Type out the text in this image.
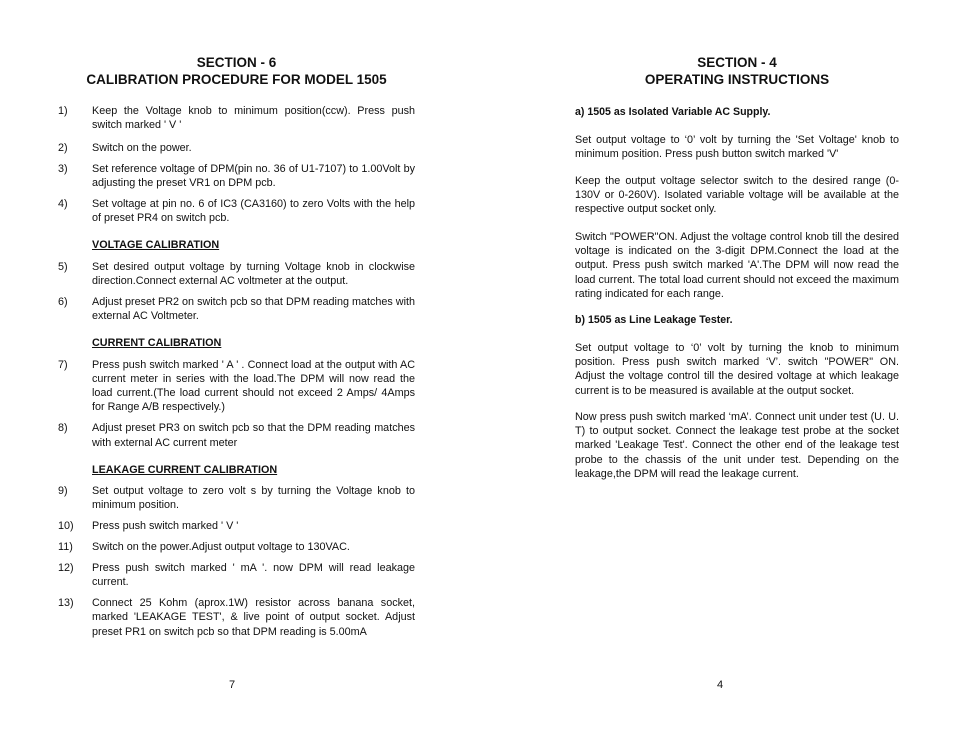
SECTION - 6
CALIBRATION PROCEDURE FOR MODEL 1505
1) Keep the Voltage knob to minimum position(ccw). Press push switch marked ' V '
2) Switch on the power.
3) Set reference voltage of DPM(pin no. 36 of U1-7107) to 1.00Volt by adjusting the preset VR1 on DPM pcb.
4) Set voltage at pin no. 6 of IC3 (CA3160) to zero Volts with the help of preset PR4 on switch pcb.
VOLTAGE CALIBRATION
5) Set desired output voltage by turning Voltage knob in clockwise direction.Connect external AC voltmeter at the output.
6) Adjust preset PR2 on switch pcb so that DPM reading matches with external AC Voltmeter.
CURRENT CALIBRATION
7) Press push switch marked ' A ' . Connect load at the output with AC current meter in series with the load.The DPM will now read the load current.(The load current should not exceed 2 Amps/ 4Amps for Range A/B respectively.)
8) Adjust preset PR3 on switch pcb so that the DPM reading matches with external AC current meter
LEAKAGE CURRENT CALIBRATION
9) Set output voltage to zero volt s by turning the Voltage knob to minimum position.
10) Press push switch marked ' V '
11) Switch on the power.Adjust output voltage to 130VAC.
12) Press push switch marked ' mA '. now DPM will read leakage current.
13) Connect 25 Kohm (aprox.1W) resistor across banana socket, marked 'LEAKAGE TEST', & live point of output socket. Adjust preset PR1 on switch pcb so that DPM reading is 5.00mA
7
SECTION - 4
OPERATING INSTRUCTIONS
a) 1505 as Isolated Variable AC Supply.
Set output voltage to ‘0’ volt by turning the 'Set Voltage' knob to minimum position. Press push button switch marked 'V'
Keep the output voltage selector switch to the desired range (0-130V or 0-260V). Isolated variable voltage will be available at the respective output socket only.
Switch "POWER"ON. Adjust the voltage control knob till the desired voltage is indicated on the 3-digit DPM.Connect the load at the output. Press push switch marked 'A'.The DPM will now read the load current. The total load current should not exceed the maximum rating indicated for each range.
b) 1505 as Line Leakage Tester.
Set output voltage to ‘0’ volt by turning the knob to minimum position. Press push switch marked ‘V’. switch "POWER" ON. Adjust the voltage control till the desired voltage at which leakage current is to be measured is available at the output socket.
Now press push switch marked ‘mA’. Connect unit under test (U. U. T) to output socket. Connect the leakage test probe at the socket marked 'Leakage Test'. Connect the other end of the leakage test probe to the chassis of the unit under test. Depending on the leakage,the DPM will read the leakage current.
4
